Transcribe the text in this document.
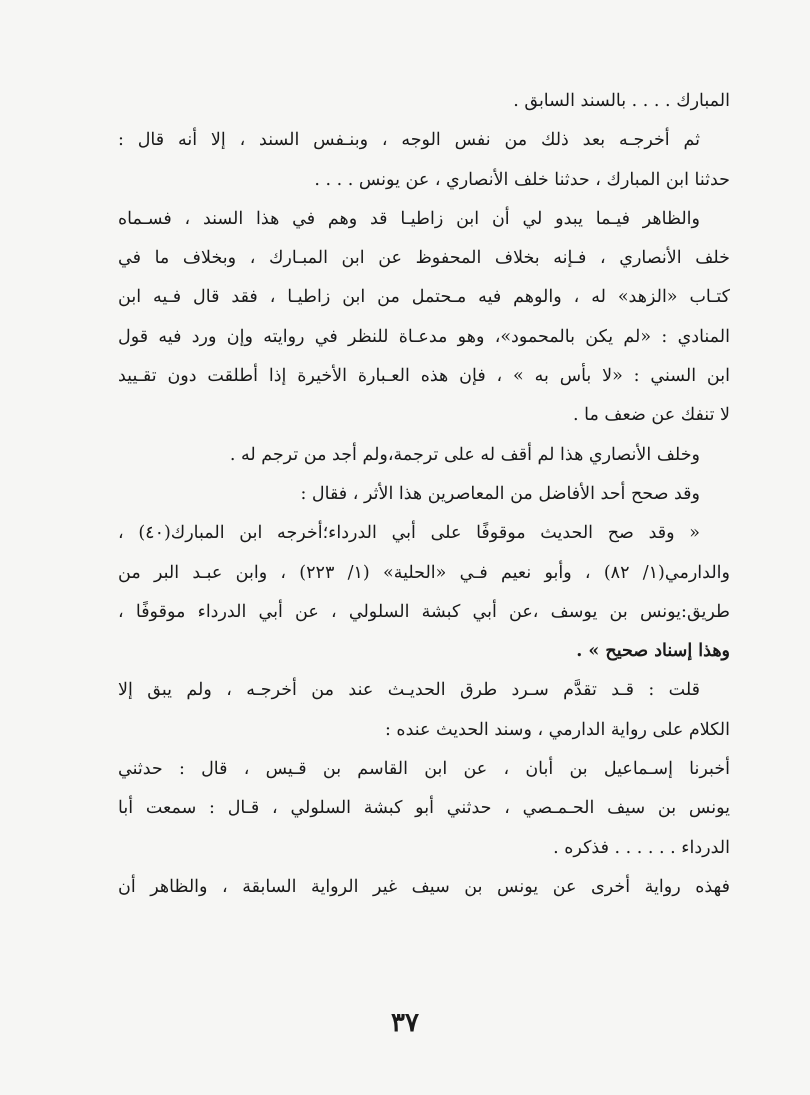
المبارك . . . . بالسند السابق .
ثم أخرجـه بعد ذلك من نفس الوجه ، وبنـفس السند ، إلا أنه قال :
حدثنا ابن المبارك ، حدثنا خلف الأنصاري ، عن يونس . . . .
والظاهر فيـما يبدو لي أن ابن زاطيـا قد وهم في هذا السند ، فسـماه
خلف الأنصاري ، فـإنه بخلاف المحفوظ عن ابن المبـارك ، وبخلاف ما في
كتـاب «الزهد» له ، والوهم فيه مـحتمل من ابن زاطيـا ، فقد قال فـيه ابن
المنادي : «لم يكن بالمحمود»، وهو مدعـاة للنظر في روايته وإن ورد فيه قول
ابن السني : «لا بأس به » ، فإن هذه العـبارة الأخيرة إذا أطلقت دون تقـييد
لا تنفك عن ضعف ما .
وخلف الأنصاري هذا لم أقف له على ترجمة،ولم أجد من ترجم له .
وقد صحح أحد الأفاضل من المعاصرين هذا الأثر ، فقال :
« وقد صح الحديث موقوفًا على أبي الدرداء؛أخرجه ابن المبارك(٤٠) ،
والدارمي(١/ ٨٢) ، وأبو نعيم فـي «الحلية» (١/ ٢٢٣) ، وابن عبـد البر من
طريق:يونس بن يوسف ،عن أبي كبشة السلولي ، عن أبي الدرداء موقوفًا ،
وهذا إسناد صحيح » .
قلت : قـد تقدَّم سـرد طرق الحديـث عند من أخرجـه ، ولم يبق إلا
الكلام على رواية الدارمي ، وسند الحديث عنده :
أخبرنا إسـماعيل بن أبان ، عن ابن القاسم بن قـيس ، قال : حدثني
يونس بن سيف الحـمـصي ، حدثني أبو كبشة السلولي ، قـال : سمعت أبا
الدرداء . . . . . . فذكره .
فهذه رواية أخرى عن يونس بن سيف غير الرواية السابقة ، والظاهر أن
٣٧
